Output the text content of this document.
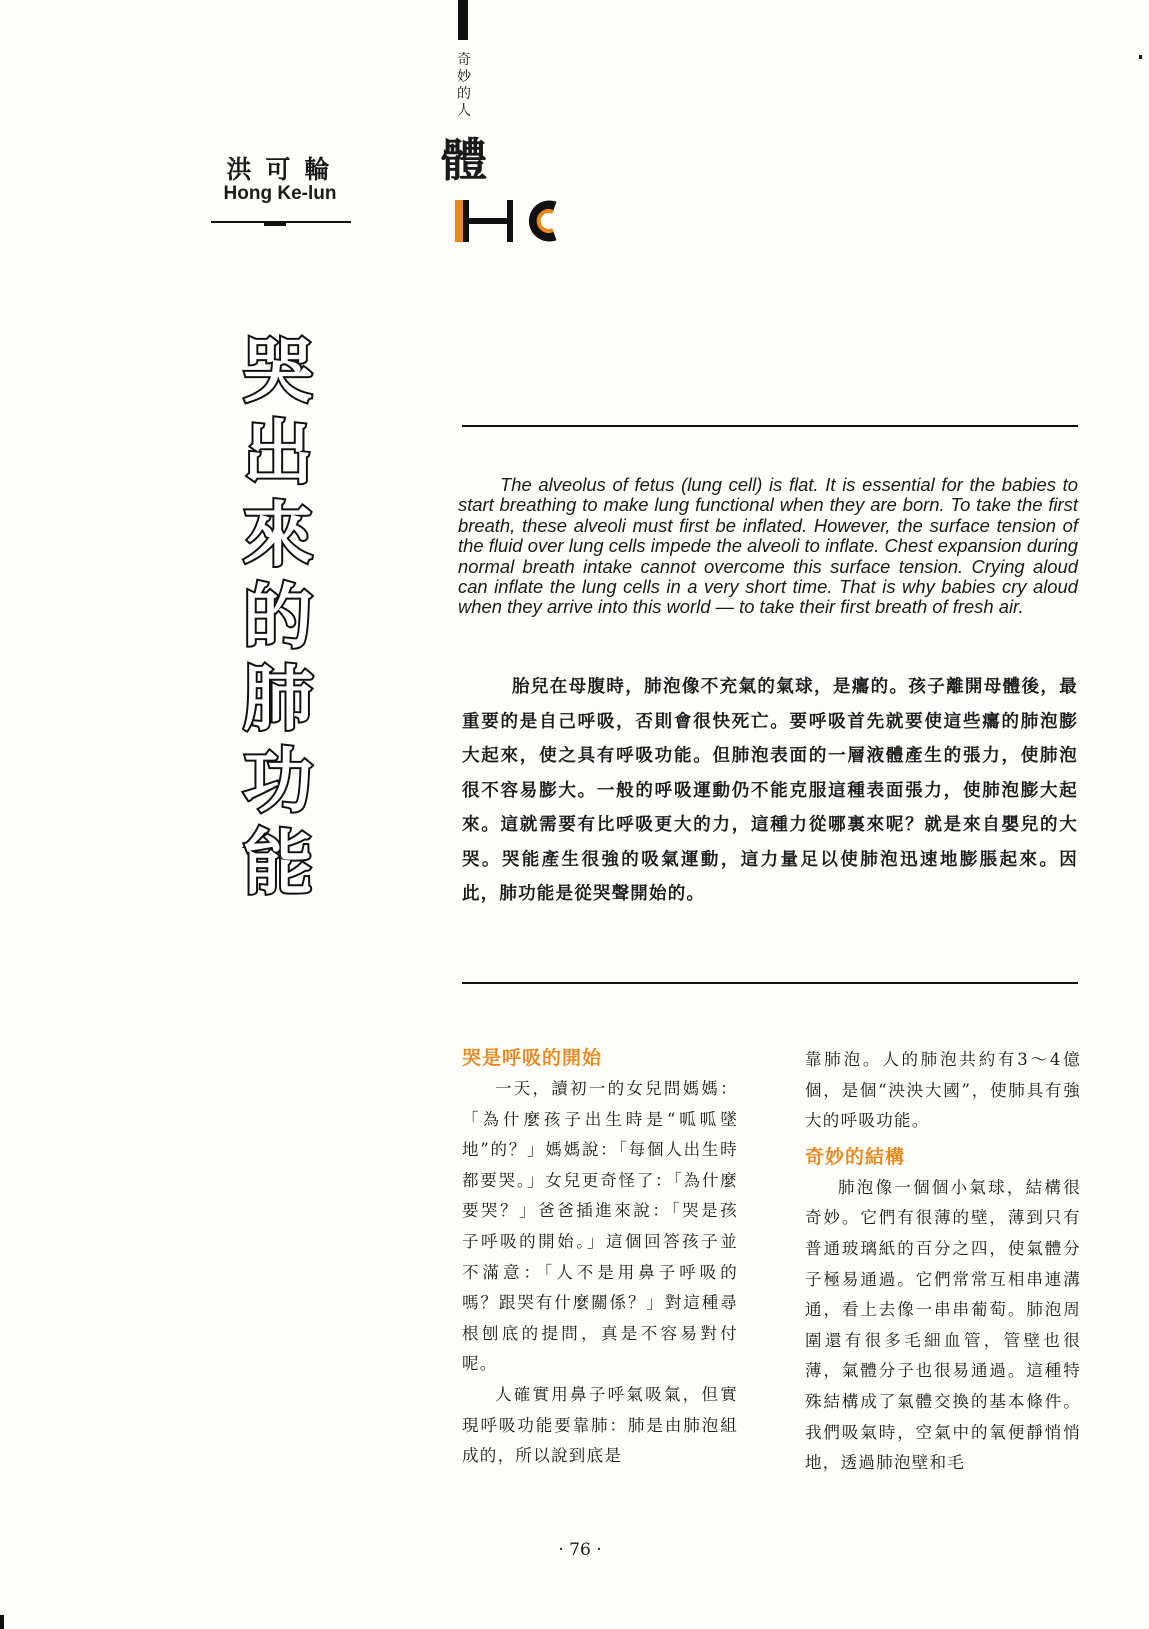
洪可輪
Hong Ke-lun
奇妙的人
體
哭
出
來
的
肺
功
能
The alveolus of fetus (lung cell) is flat. It is essential for the babies to start breathing to make lung functional when they are born. To take the first breath, these alveoli must first be inflated. However, the surface tension of the fluid over lung cells impede the alveoli to inflate. Chest expansion during normal breath intake cannot overcome this surface tension. Crying aloud can inflate the lung cells in a very short time. That is why babies cry aloud when they arrive into this world — to take their first breath of fresh air.
胎兒在母腹時，肺泡像不充氣的氣球，是癟的。孩子離開母體後，最重要的是自己呼吸，否則會很快死亡。要呼吸首先就要使這些癟的肺泡膨大起來，使之具有呼吸功能。但肺泡表面的一層液體產生的張力，使肺泡很不容易膨大。一般的呼吸運動仍不能克服這種表面張力，使肺泡膨大起來。這就需要有比呼吸更大的力，這種力從哪裏來呢？就是來自嬰兒的大哭。哭能產生很強的吸氣運動，這力量足以使肺泡迅速地膨脹起來。因此，肺功能是從哭聲開始的。
哭是呼吸的開始

一天，讀初一的女兒問媽媽：「為什麼孩子出生時是“呱呱墜地”的？」媽媽說：「每個人出生時都要哭。」女兒更奇怪了：「為什麼要哭？」爸爸插進來說：「哭是孩子呼吸的開始。」這個回答孩子並不滿意：「人不是用鼻子呼吸的嗎？跟哭有什麼關係？」對這種尋根刨底的提問，真是不容易對付呢。

人確實用鼻子呼氣吸氣，但實現呼吸功能要靠肺：肺是由肺泡組成的，所以說到底是

靠肺泡。人的肺泡共約有3～4億個，是個“泱泱大國”，使肺具有強大的呼吸功能。

奇妙的結構

肺泡像一個個小氣球，結構很奇妙。它們有很薄的壁，薄到只有普通玻璃紙的百分之四，使氣體分子極易通過。它們常常互相串連溝通，看上去像一串串葡萄。肺泡周圍還有很多毛細血管，管壁也很薄，氣體分子也很易通過。這種特殊結構成了氣體交換的基本條件。我們吸氣時，空氣中的氧便靜悄悄地，透過肺泡壁和毛

· 76 ·
